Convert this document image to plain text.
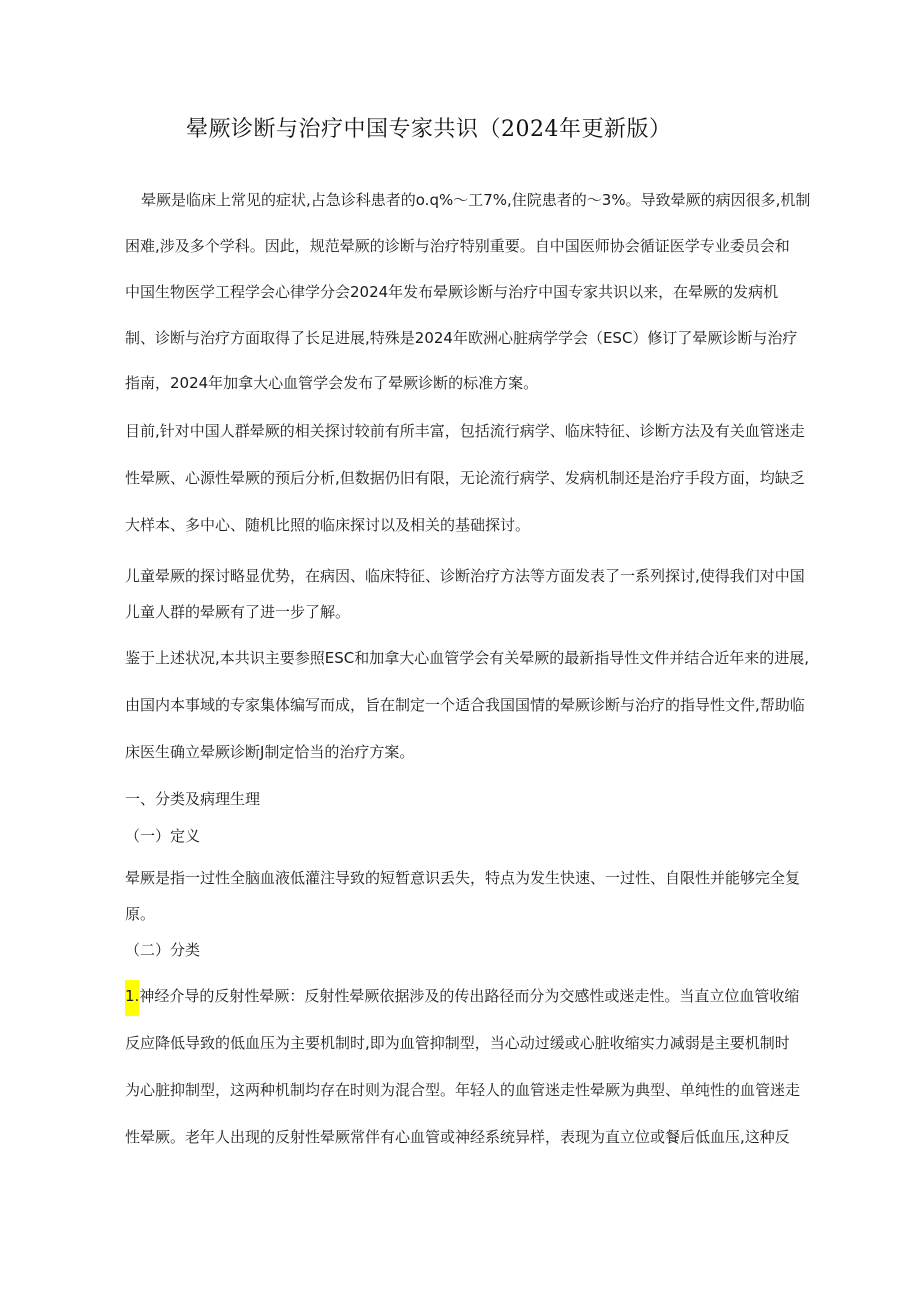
晕厥诊断与治疗中国专家共识（2024年更新版）
晕厥是临床上常见的症状,占急诊科患者的o.q%〜工7%,住院患者的〜3%。导致晕厥的病因很多,机制
困难,涉及多个学科。因此，规范晕厥的诊断与治疗特别重要。自中国医师协会循证医学专业委员会和
中国生物医学工程学会心律学分会2024年发布晕厥诊断与治疗中国专家共识以来，在晕厥的发病机
制、诊断与治疗方面取得了长足进展,特殊是2024年欧洲心脏病学学会（ESC）修订了晕厥诊断与治疗
指南，2024年加拿大心血管学会发布了晕厥诊断的标准方案。
目前,针对中国人群晕厥的相关探讨较前有所丰富，包括流行病学、临床特征、诊断方法及有关血管迷走
性晕厥、心源性晕厥的预后分析,但数据仍旧有限，无论流行病学、发病机制还是治疗手段方面，均缺乏
大样本、多中心、随机比照的临床探讨以及相关的基础探讨。
儿童晕厥的探讨略显优势，在病因、临床特征、诊断治疗方法等方面发表了一系列探讨,使得我们对中国
儿童人群的晕厥有了进一步了解。
鉴于上述状况,本共识主要参照ESC和加拿大心血管学会有关晕厥的最新指导性文件并结合近年来的进展,
由国内本事域的专家集体编写而成，旨在制定一个适合我国国情的晕厥诊断与治疗的指导性文件,帮助临
床医生确立晕厥诊断J制定恰当的治疗方案。
一、分类及病理生理
（一）定义
晕厥是指一过性全脑血液低灌注导致的短暂意识丢失，特点为发生快速、一过性、自限性并能够完全复
原。
（二）分类
1.神经介导的反射性晕厥：反射性晕厥依据涉及的传出路径而分为交感性或迷走性。当直立位血管收缩
反应降低导致的低血压为主要机制时,即为血管抑制型，当心动过缓或心脏收缩实力减弱是主要机制时
为心脏抑制型，这两种机制均存在时则为混合型。年轻人的血管迷走性晕厥为典型、单纯性的血管迷走
性晕厥。老年人出现的反射性晕厥常伴有心血管或神经系统异样，表现为直立位或餐后低血压,这种反
